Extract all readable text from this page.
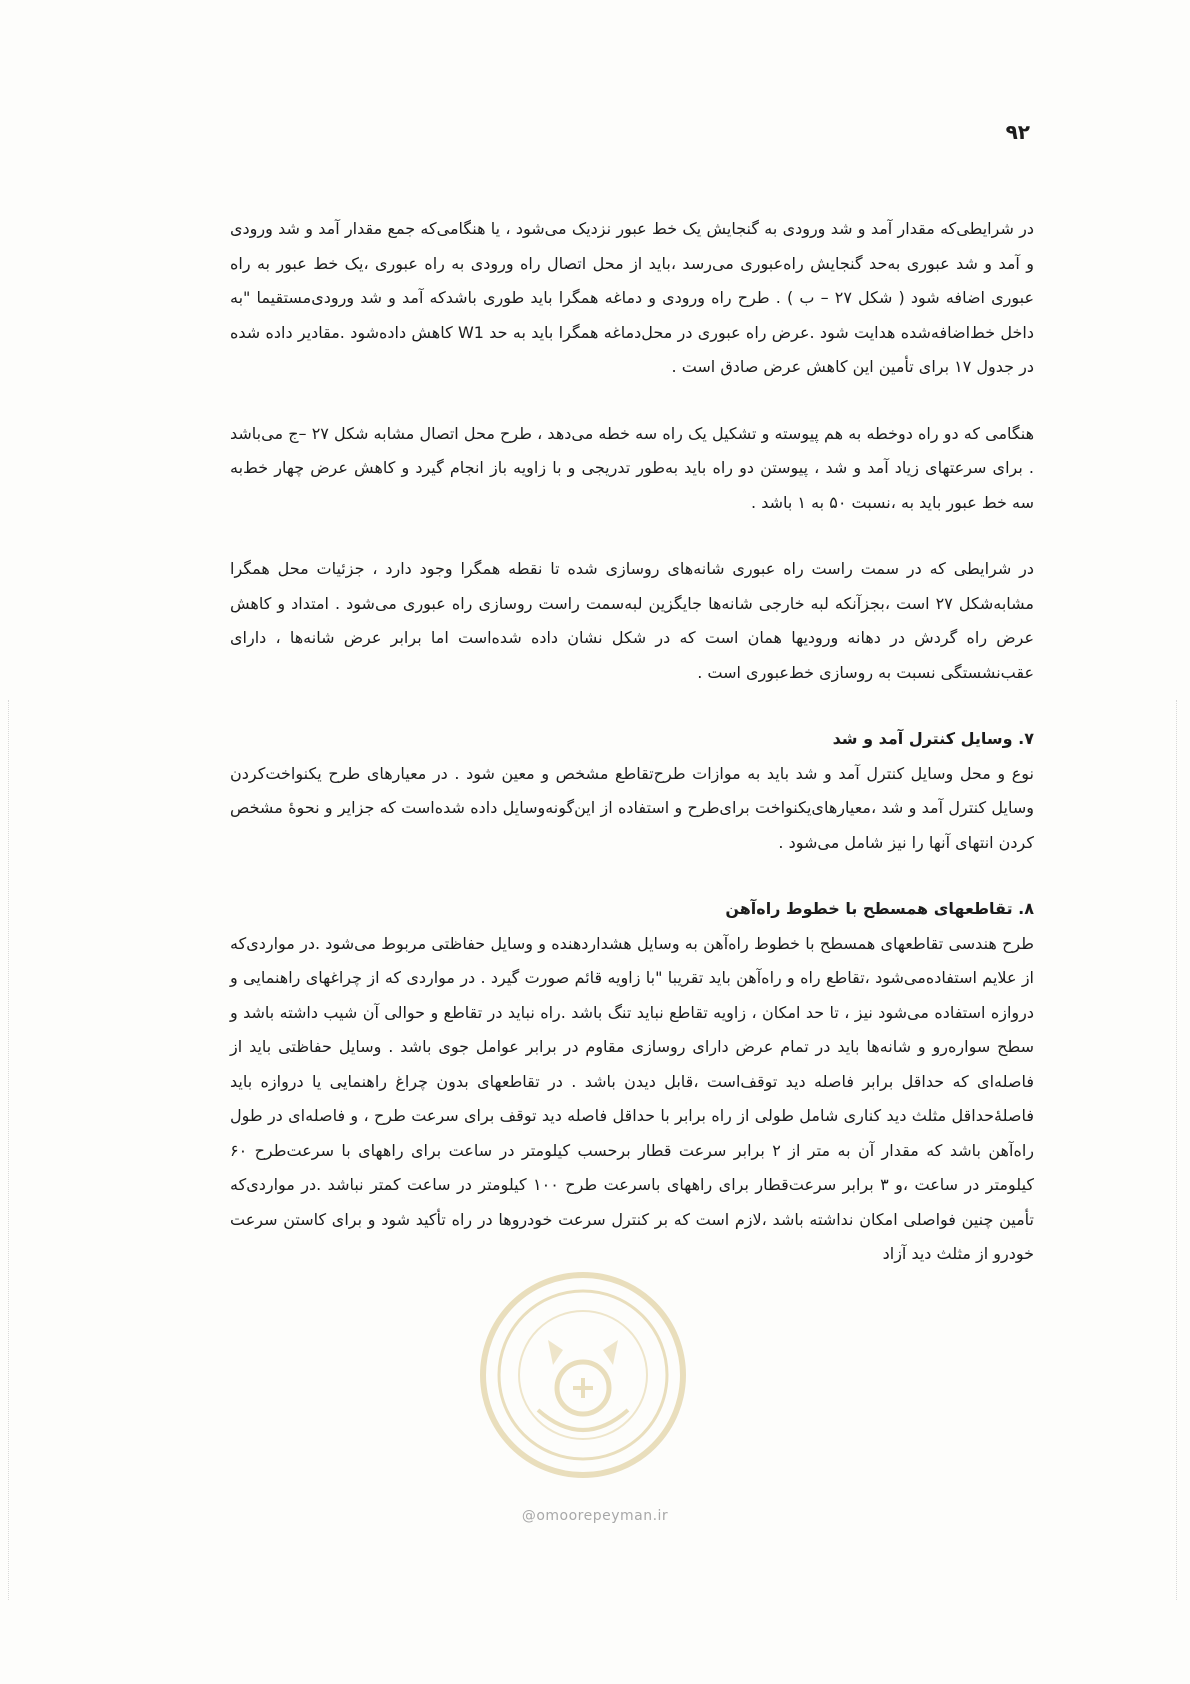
۹۲

در شرایطی‌که مقدار آمد و شد ورودی به گنجایش یک خط عبور نزدیک می‌شود ، یا هنگامی‌که جمع مقدار آمد و شد ورودی و آمد و شد عبوری به‌حد گنجایش راه‌عبوری می‌رسد ،باید از محل اتصال راه ورودی به راه عبوری ،یک خط عبور به راه عبوری اضافه شود ( شکل ۲۷ – ب ) . طرح راه ورودی و دماغه همگرا باید طوری باشدکه آمد و شد ورودی‌مستقیما "به داخل خط‌اضافه‌شده هدایت شود .عرض راه عبوری در محل‌دماغه همگرا باید به حد W1 کاهش داده‌شود .مقادیر داده شده در جدول ۱۷ برای تأمین این کاهش عرض صادق است .

هنگامی که دو راه دوخطه به هم پیوسته و تشکیل یک راه سه خطه می‌دهد ، طرح محل اتصال مشابه شکل ۲۷ –ج می‌باشد . برای سرعتهای زیاد آمد و شد ، پیوستن دو راه باید به‌طور تدریجی و با زاویه باز انجام گیرد و کاهش عرض چهار خط‌به سه خط عبور باید به ،نسبت ۵۰ به ۱ باشد .

در شرایطی که در سمت راست راه عبوری شانه‌های روسازی شده تا نقطه همگرا وجود دارد ، جزئیات محل همگرا مشابه‌شکل ۲۷ است ،بجزآنکه لبه خارجی شانه‌ها جایگزین لبه‌سمت راست روسازی راه عبوری می‌شود . امتداد و کاهش عرض راه گردش در دهانه ورودیها همان است که در شکل نشان داده شده‌است اما برابر عرض شانه‌ها ، دارای عقب‌نشستگی نسبت به روسازی خط‌عبوری است .

۷. وسایل کنترل آمد و شد

نوع و محل وسایل کنترل آمد و شد باید به موازات طرح‌تقاطع مشخص و معین شود . در معیارهای طرح یکنواخت‌کردن وسایل کنترل آمد و شد ،معیارهای‌یکنواخت برای‌طرح و استفاده از این‌گونه‌وسایل داده شده‌است که جزایر و نحوه‌ٔ مشخص کردن انتهای آنها را نیز شامل می‌شود .

۸. تقاطعهای همسطح با خطوط راه‌آهن

طرح هندسی تقاطعهای همسطح با خطوط راه‌آهن به وسایل هشداردهنده و وسایل حفاظتی مربوط می‌شود .در مواردی‌که از علایم استفاده‌می‌شود ،تقاطع راه و راه‌آهن باید تقریبا "با زاویه قائم صورت گیرد . در مواردی که از چراغهای راهنمایی و دروازه استفاده می‌شود نیز ، تا حد امکان ، زاویه تقاطع نباید تنگ باشد .راه نباید در تقاطع و حوالی آن شیب داشته باشد و سطح سواره‌رو و شانه‌ها باید در تمام عرض دارای روسازی مقاوم در برابر عوامل جوی باشد . وسایل حفاظتی باید از فاصله‌ای که حداقل برابر فاصله دید توقف‌است ،قابل دیدن باشد . در تقاطعهای بدون چراغ راهنمایی یا دروازه باید فاصله‌ٔحداقل مثلث دید کناری شامل طولی از راه برابر با حداقل فاصله دید توقف برای سرعت طرح ، و فاصله‌ای در طول راه‌آهن باشد که مقدار آن به متر از ۲ برابر سرعت قطار برحسب کیلومتر در ساعت برای راههای با سرعت‌طرح ۶۰ کیلومتر در ساعت ،و ۳ برابر سرعت‌قطار برای راههای باسرعت طرح ۱۰۰ کیلومتر در ساعت کمتر نباشد .در مواردی‌که تأمین چنین فواصلی امکان نداشته باشد ،لازم است که بر کنترل سرعت خودروها در راه تأکید شود و برای کاستن سرعت خودرو از مثلث دید آزاد

@omoorepeyman.ir
